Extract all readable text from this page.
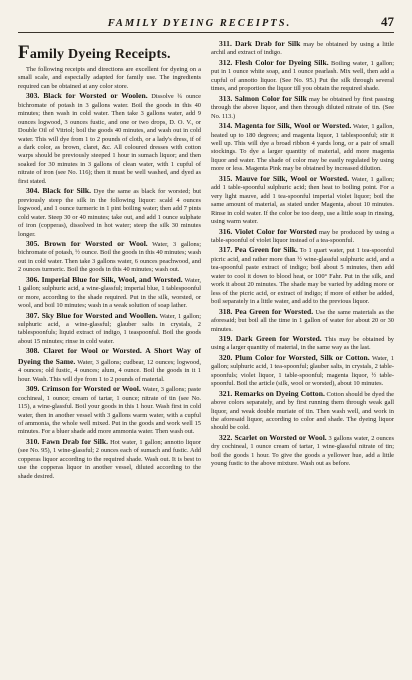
FAMILY DYEING RECEIPTS.	47
Family Dyeing Receipts.

The following receipts and directions are excellent for dyeing on a small scale, and especially adapted for family use. The ingredients required can be obtained at any color store.

303. Black for Worsted or Woolen. Dissolve ¾ ounce bichromate of potash in 3 gallons water. Boil the goods in this 40 minutes; then wash in cold water. Then take 3 gallons water, add 9 ounces logwood, 3 ounces fustic, and one or two drops, D. O. V., or Double Oil of Vitriol; boil the goods 40 minutes, and wash out in cold water. This will dye from 1 to 2 pounds of cloth, or a lady's dress, if of a dark color, as brown, claret, &c. All coloured dresses with cotton warps should be previously steeped 1 hour in sumach liquor; and then soaked for 30 minutes in 3 gallons of clean water, with 1 cupful of nitrate of iron (see No. 116); then it must be well washed, and dyed as first stated.

304. Black for Silk. Dye the same as black for worsted; but previously steep the silk in the following liquor: scald 4 ounces logwood, and 1 ounce turmeric in 1 pint boiling water; then add 7 pints cold water. Steep 30 or 40 minutes; take out, and add 1 ounce sulphate of iron (copperas), dissolved in hot water; steep the silk 30 minutes longer.

305. Brown for Worsted or Wool. Water, 3 gallons; bichromate of potash, ½ ounce. Boil the goods in this 40 minutes; wash out in cold water. Then take 3 gallons water, 6 ounces peachwood, and 2 ounces turmeric. Boil the goods in this 40 minutes; wash out.

306. Imperial Blue for Silk, Wool, and Worsted. Water, 1 gallon; sulphuric acid, a wine-glassful; imperial blue, 1 tablespoonful or more, according to the shade required. Put in the silk, worsted, or wool, and boil 10 minutes; wash in a weak solution of soap lather.

307. Sky Blue for Worsted and Woollen. Water, 1 gallon; sulphuric acid, a wine-glassful; glauber salts in crystals, 2 tablespoonfuls; liquid extract of indigo, 1 teaspoonful. Boil the goods about 15 minutes; rinse in cold water.

308. Claret for Wool or Worsted. A Short Way of Dyeing the Same. Water, 3 gallons; cudbear, 12 ounces; logwood, 4 ounces; old fustic, 4 ounces; alum, 4 ounce. Boil the goods in it 1 hour. Wash. This will dye from 1 to 2 pounds of material.

309. Crimson for Worsted or Wool. Water, 3 gallons; paste cochineal, 1 ounce; cream of tartar, 1 ounce; nitrate of tin (see No. 115), a wine-glassful. Boil your goods in this 1 hour. Wash first in cold water, then in another vessel with 3 gallons warm water, with a cupful of ammonia, the whole well mixed. Put in the goods and work well 15 minutes. For a bluer shade add more ammonia water. Then wash out.

310. Fawn Drab for Silk. Hot water, 1 gallon; annotto liquor (see No. 95), 1 wine-glassful; 2 ounces each of sumach and fustic. Add copperas liquor according to the required shade. Wash out. It is best to use the copperas liquor in another vessel, diluted according to the shade desired.

311. Dark Drab for Silk may be obtained by using a little archil and extract of indigo.

312. Flesh Color for Dyeing Silk. Boiling water, 1 gallon; put in 1 ounce white soap, and 1 ounce pearlash. Mix well, then add a cupful of annotto liquor. (See No. 95.) Put the silk through several times, and proportion the liquor till you obtain the required shade.

313. Salmon Color for Silk may be obtained by first passing through the above liquor, and then through diluted nitrate of tin. (See No. 113.)

314. Magenta for Silk, Wool or Worsted. Water, 1 gallon, heated up to 180 degrees; and magenta liquor, 1 tablespoonful; stir it well up. This will dye a broad ribbon 4 yards long, or a pair of small stockings. To dye a larger quantity of material, add more magenta liquor and water. The shade of color may be easily regulated by using more or less. Magenta Pink may be obtained by increased dilution.

315. Mauve for Silk, Wool or Worsted. Water, 1 gallon; add 1 table-spoonful sulphuric acid; then heat to boiling point. For a very light mauve, add 1 tea-spoonful imperial violet liquor; boil the same amount of material, as stated under Magenta, about 10 minutes. Rinse in cold water. If the color be too deep, use a little soap in rinsing, using warm water.

316. Violet Color for Worsted may be produced by using a table-spoonful of violet liquor instead of a tea-spoonful.

317. Pea Green for Silk. To 1 quart water, put 1 tea-spoonful picric acid, and rather more than ½ wine-glassful sulphuric acid, and a tea-spoonful paste extract of indigo; boil about 5 minutes, then add water to cool it down to blood heat, or 100° Fahr. Put in the silk, and work it about 20 minutes. The shade may be varied by adding more or less of the picric acid, or extract of indigo; if more of either be added, boil separately in a little water, and add to the previous liquor.

318. Pea Green for Worsted. Use the same materials as the aforesaid; but boil all the time in 1 gallon of water for about 20 or 30 minutes.

319. Dark Green for Worsted. This may be obtained by using a larger quantity of material, in the same way as the last.

320. Plum Color for Worsted, Silk or Cotton. Water, 1 gallon; sulphuric acid, 1 tea-spoonful; glauber salts, in crystals, 2 table-spoonfuls; violet liquor, 1 table-spoonful; magenta liquor, ½ table-spoonful. Boil the article (silk, wool or worsted), about 10 minutes.

321. Remarks on Dyeing Cotton. Cotton should be dyed the above colors separately, and by first running them through weak gall liquor, and weak double muriate of tin. Then wash well, and work in the aforesaid liquor, according to color and shade. The dyeing liquor should be cold.

322. Scarlet on Worsted or Wool. 3 gallons water, 2 ounces dry cochineal, 1 ounce cream of tartar, 1 wine-glassful nitrate of tin; boil the goods 1 hour. To give the goods a yellower hue, add a little young fustic to the above mixture. Wash out as before.
